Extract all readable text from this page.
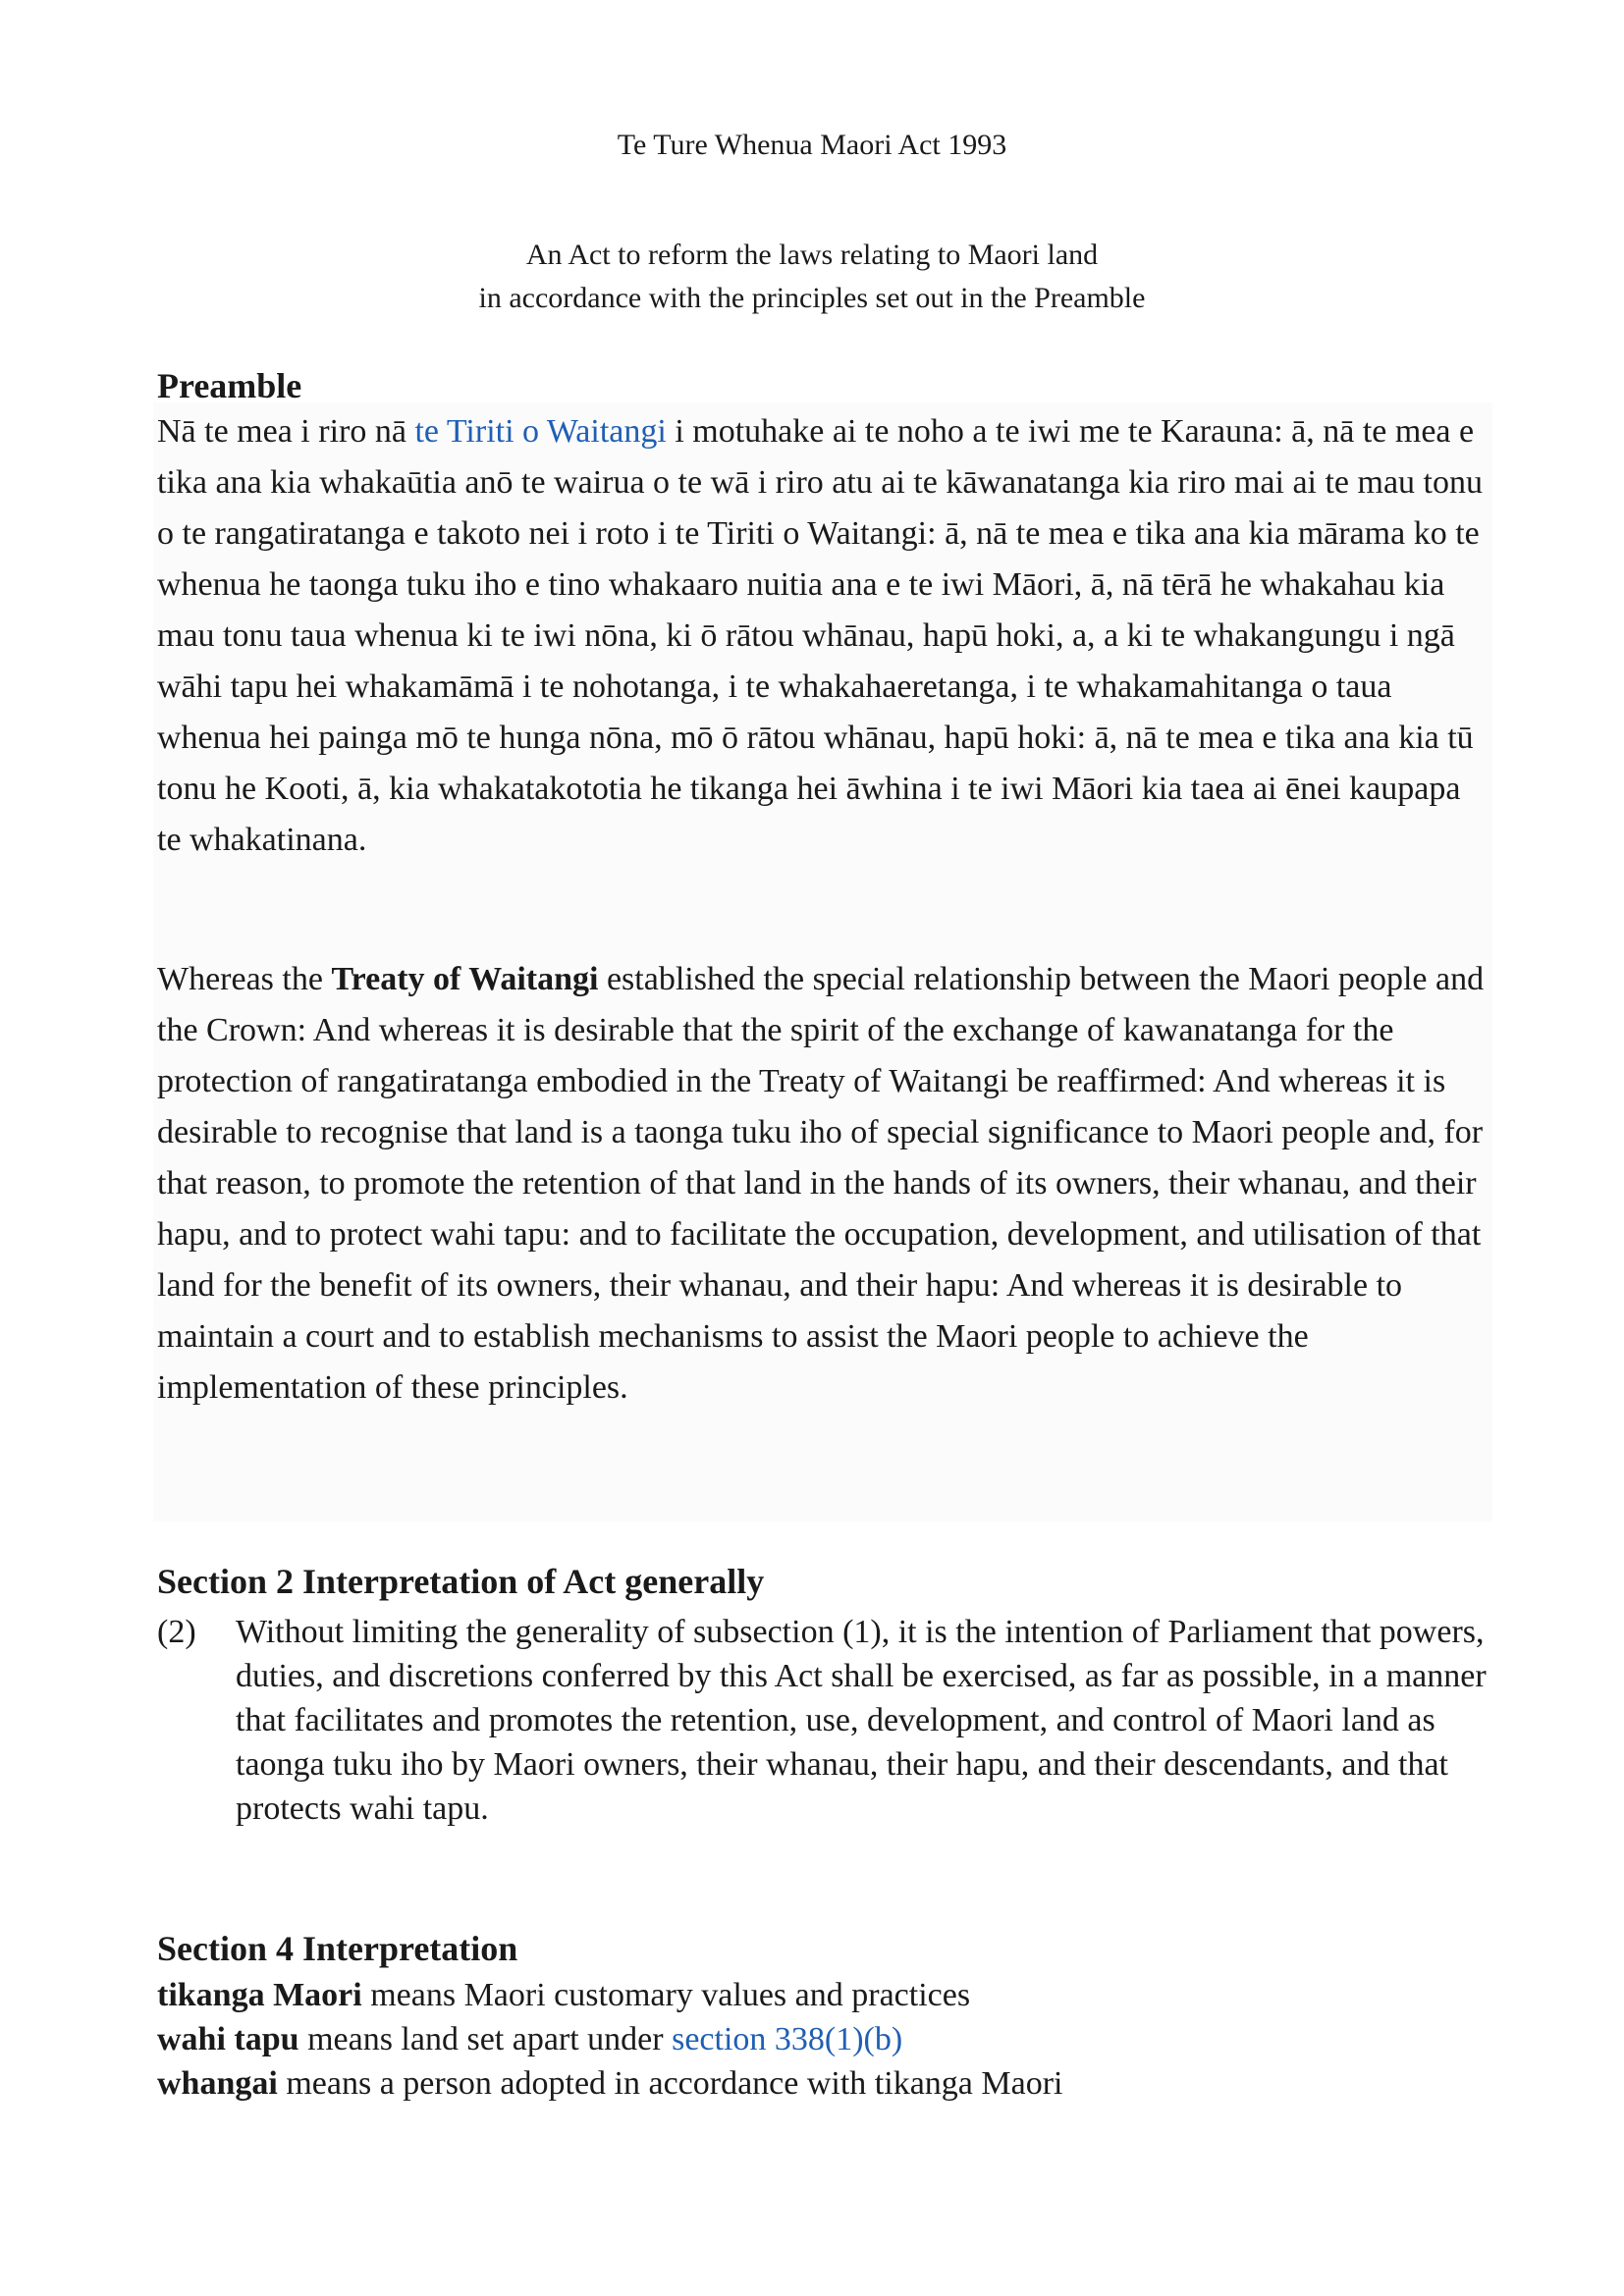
Te Ture Whenua Maori Act 1993
An Act to reform the laws relating to Maori land
in accordance with the principles set out in the Preamble
Preamble
Nā te mea i riro nā te Tiriti o Waitangi i motuhake ai te noho a te iwi me te Karauna: ā, nā te mea e tika ana kia whakaūtia anō te wairua o te wā i riro atu ai te kāwanatanga kia riro mai ai te mau tonu o te rangatiratanga e takoto nei i roto i te Tiriti o Waitangi: ā, nā te mea e tika ana kia mārama ko te whenua he taonga tuku iho e tino whakaaro nuitia ana e te iwi Māori, ā, nā tērā he whakahau kia mau tonu taua whenua ki te iwi nōna, ki ō rātou whānau, hapū hoki, a, a ki te whakangungu i ngā wāhi tapu hei whakamāmā i te nohotanga, i te whakahaeretanga, i te whakamahitanga o taua whenua hei painga mō te hunga nōna, mō ō rātou whānau, hapū hoki: ā, nā te mea e tika ana kia tū tonu he Kooti, ā, kia whakatakototia he tikanga hei āwhina i te iwi Māori kia taea ai ēnei kaupapa te whakatinana.
Whereas the Treaty of Waitangi established the special relationship between the Maori people and the Crown: And whereas it is desirable that the spirit of the exchange of kawanatanga for the protection of rangatiratanga embodied in the Treaty of Waitangi be reaffirmed: And whereas it is desirable to recognise that land is a taonga tuku iho of special significance to Maori people and, for that reason, to promote the retention of that land in the hands of its owners, their whanau, and their hapu, and to protect wahi tapu: and to facilitate the occupation, development, and utilisation of that land for the benefit of its owners, their whanau, and their hapu: And whereas it is desirable to maintain a court and to establish mechanisms to assist the Maori people to achieve the implementation of these principles.
Section 2 Interpretation of Act generally
(2) Without limiting the generality of subsection (1), it is the intention of Parliament that powers, duties, and discretions conferred by this Act shall be exercised, as far as possible, in a manner that facilitates and promotes the retention, use, development, and control of Maori land as taonga tuku iho by Maori owners, their whanau, their hapu, and their descendants, and that protects wahi tapu.
Section 4 Interpretation
tikanga Maori means Maori customary values and practices
wahi tapu means land set apart under section 338(1)(b)
whangai means a person adopted in accordance with tikanga Maori
